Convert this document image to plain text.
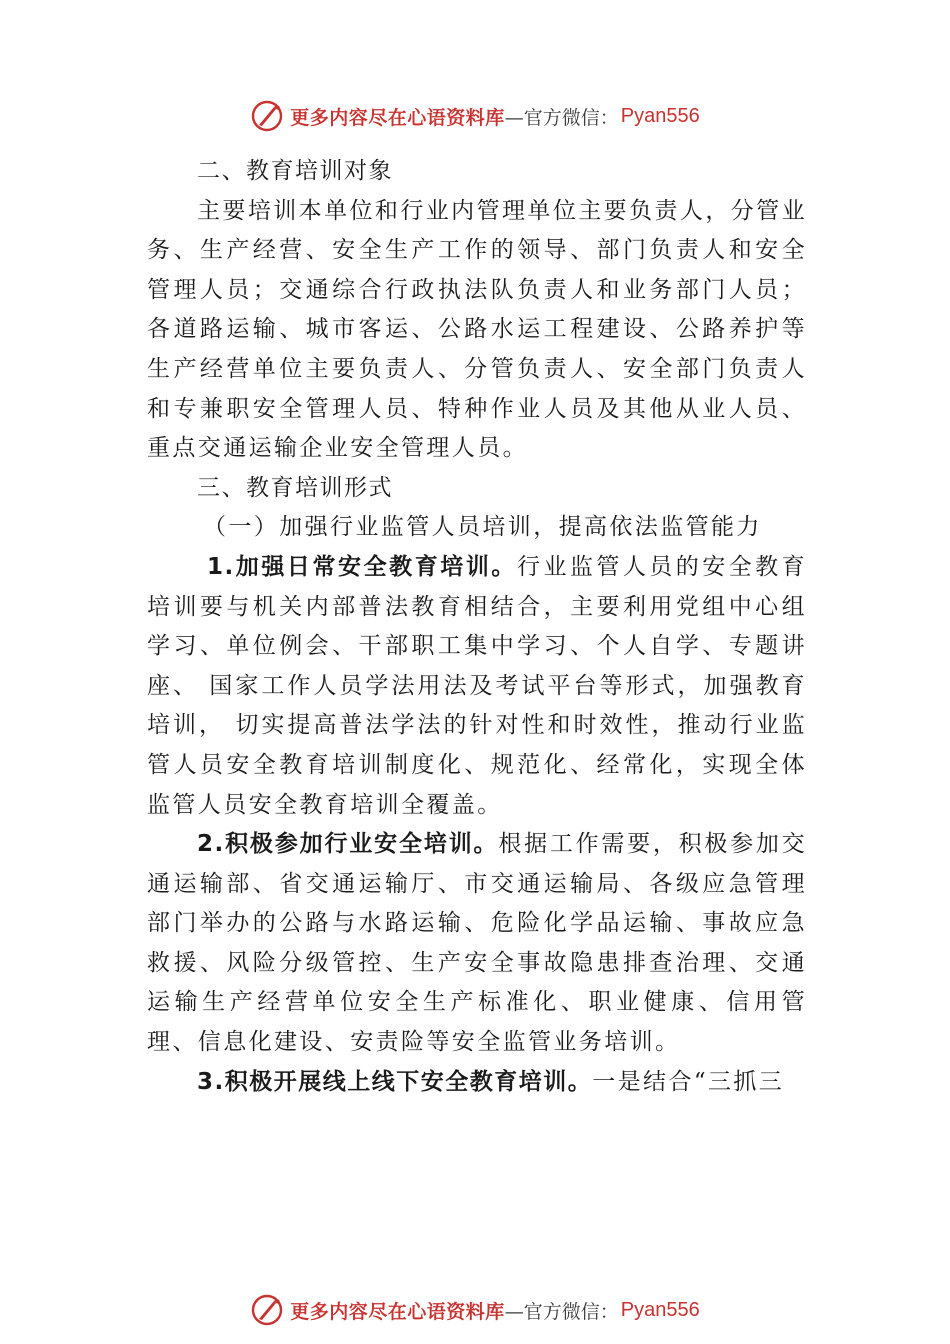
更多内容尽在心语资料库 —官方微信： Pyan556

二、教育培训对象

主要培训本单位和行业内管理单位主要负责人，分管业务、生产经营、安全生产工作的领导、部门负责人和安全管理人员；交通综合行政执法队负责人和业务部门人员；各道路运输、城市客运、公路水运工程建设、公路养护等生产经营单位主要负责人、分管负责人、安全部门负责人和专兼职安全管理人员、特种作业人员及其他从业人员、重点交通运输企业安全管理人员。

三、教育培训形式

（一）加强行业监管人员培训，提高依法监管能力

1.加强日常安全教育培训。行业监管人员的安全教育培训要与机关内部普法教育相结合，主要利用党组中心组学习、单位例会、干部职工集中学习、个人自学、专题讲座、 国家工作人员学法用法及考试平台等形式，加强教育培训， 切实提高普法学法的针对性和时效性，推动行业监管人员安全教育培训制度化、规范化、经常化，实现全体监管人员安全教育培训全覆盖。

2.积极参加行业安全培训。根据工作需要，积极参加交通运输部、省交通运输厅、市交通运输局、各级应急管理部门举办的公路与水路运输、危险化学品运输、事故应急救援、风险分级管控、生产安全事故隐患排查治理、交通运输生产经营单位安全生产标准化、职业健康、信用管理、信息化建设、安责险等安全监管业务培训。

3.积极开展线上线下安全教育培训。一是结合“三抓三

更多内容尽在心语资料库 —官方微信： Pyan556
